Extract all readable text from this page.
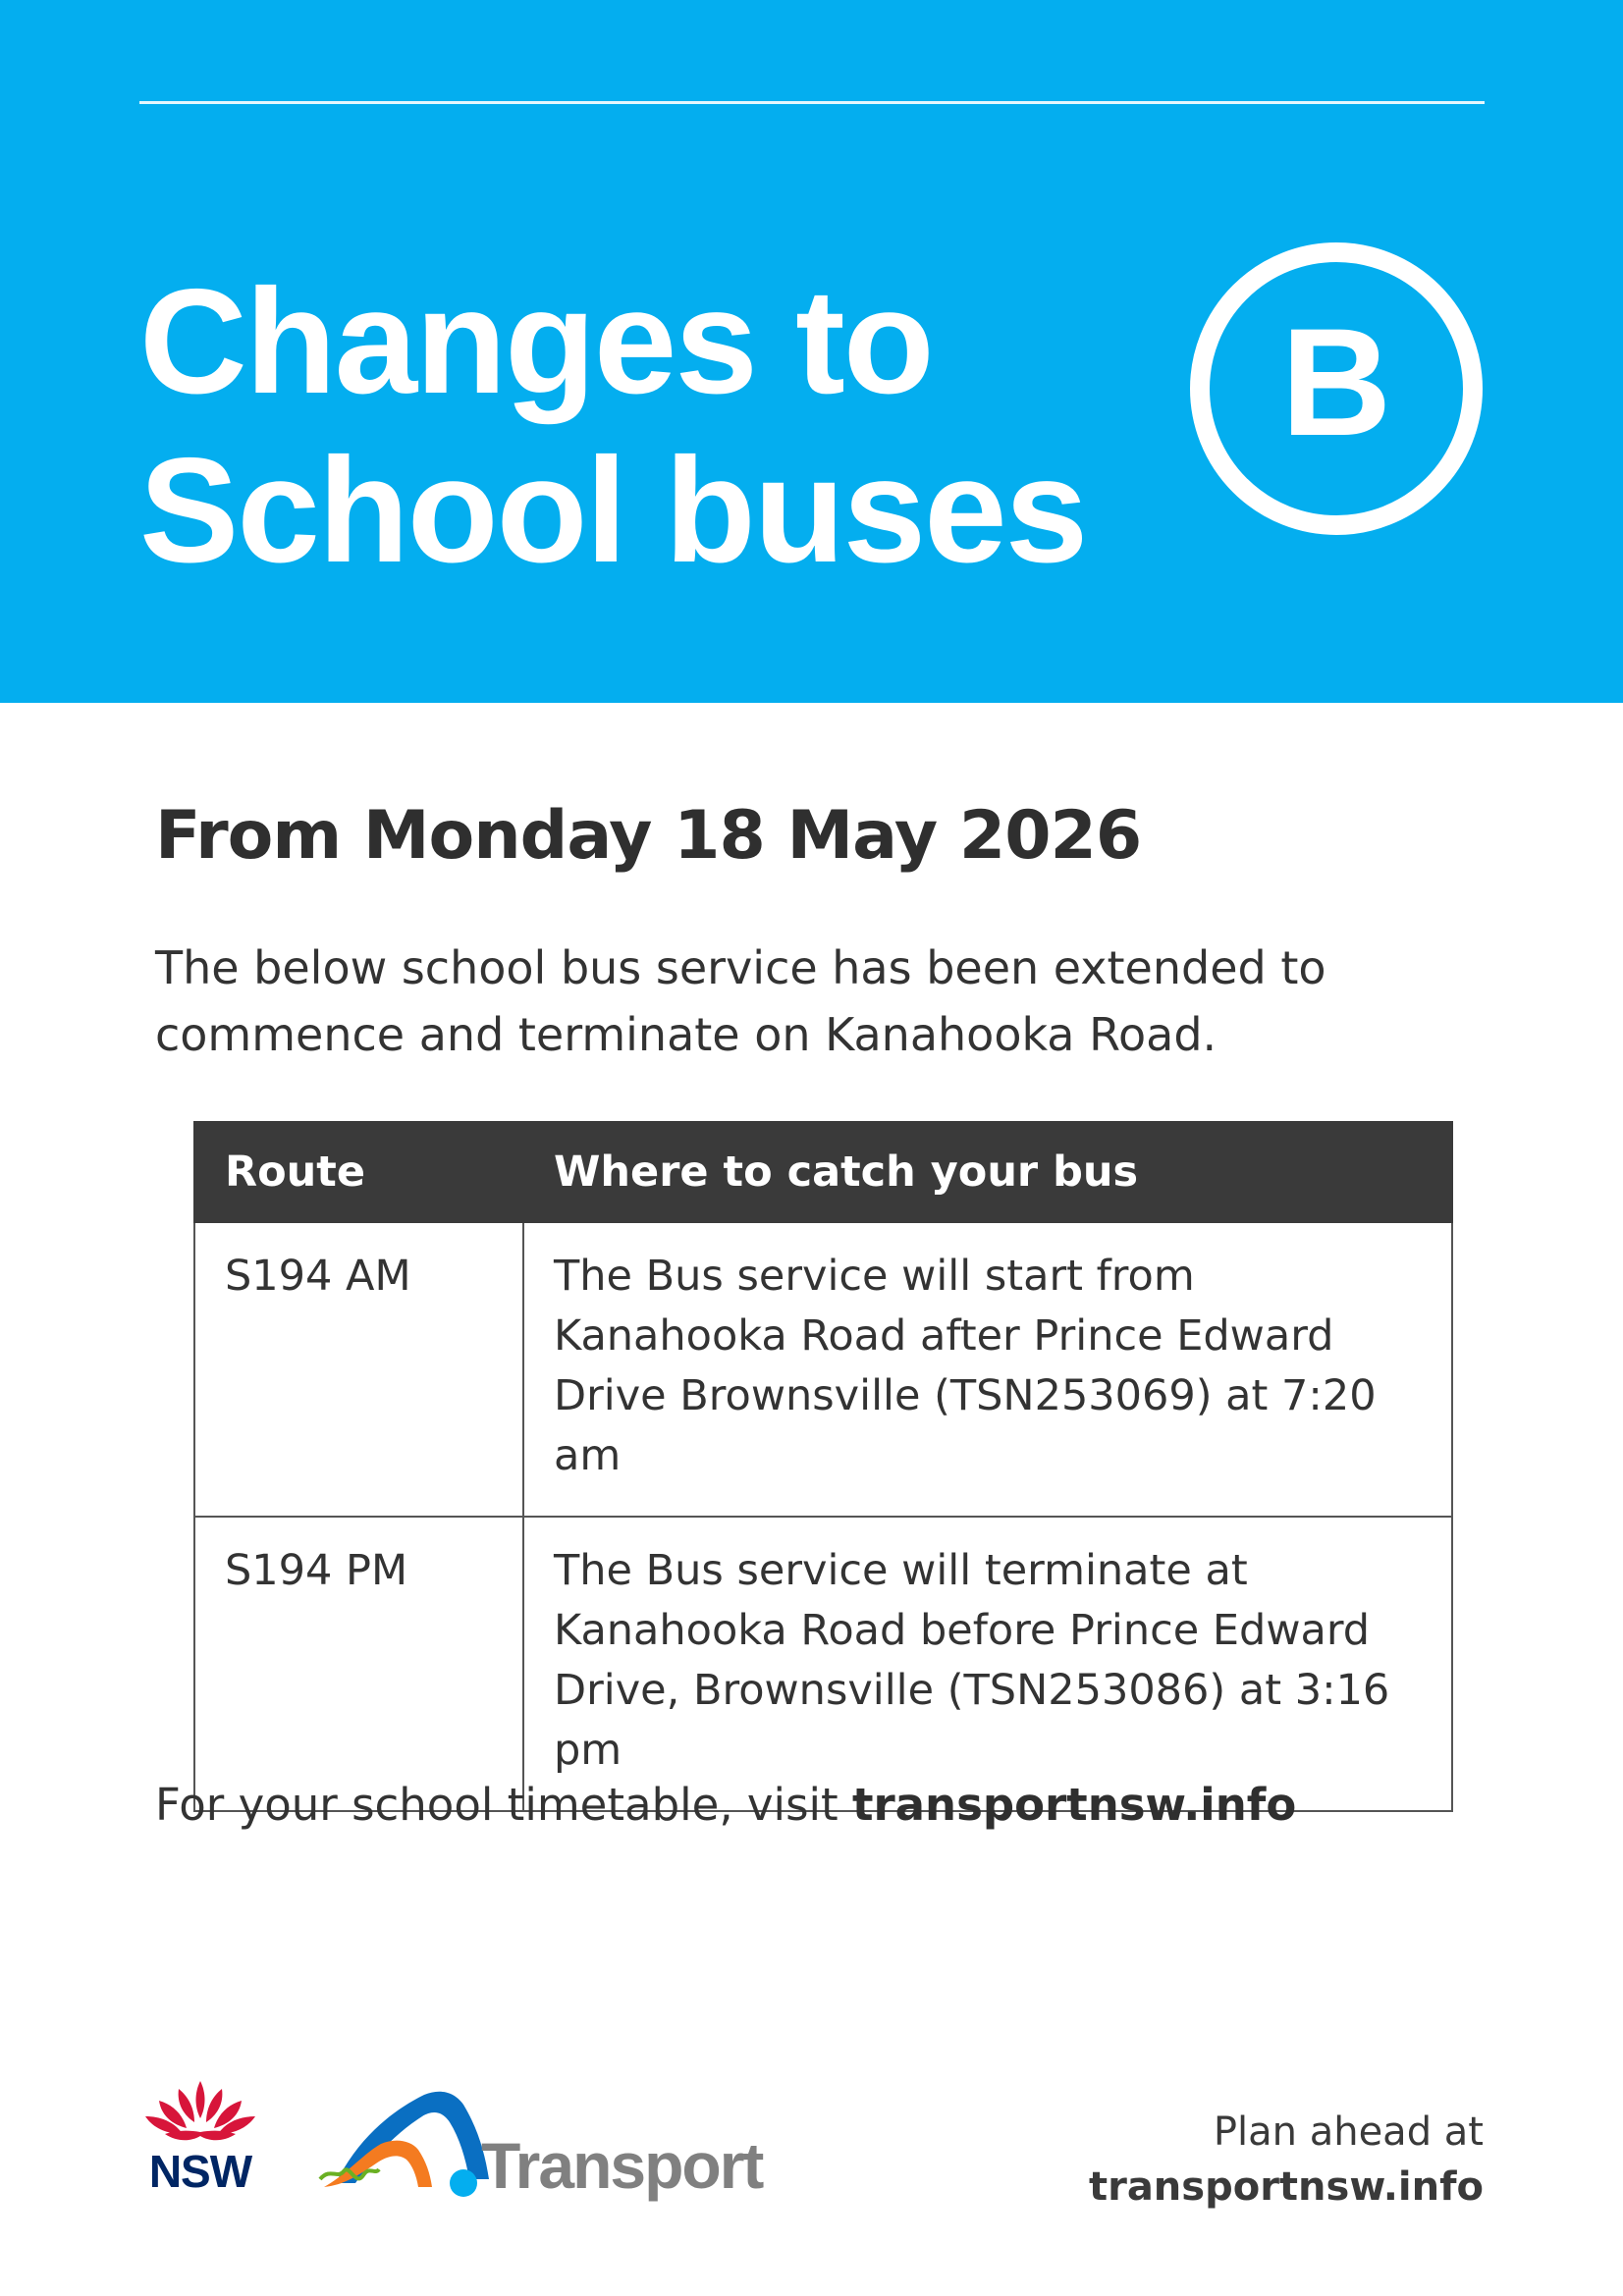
Changes to
School buses
B
From Monday 18 May 2026

The below school bus service has been extended to commence and terminate on Kanahooka Road.

Route	Where to catch your bus
S194 AM	The Bus service will start from Kanahooka Road after Prince Edward Drive Brownsville (TSN253069) at 7:20 am
S194 PM	The Bus service will terminate at Kanahooka Road before Prince Edward Drive, Brownsville (TSN253086) at 3:16 pm

For your school timetable, visit transportnsw.info

NSW	Transport	Plan ahead at
transportnsw.info
